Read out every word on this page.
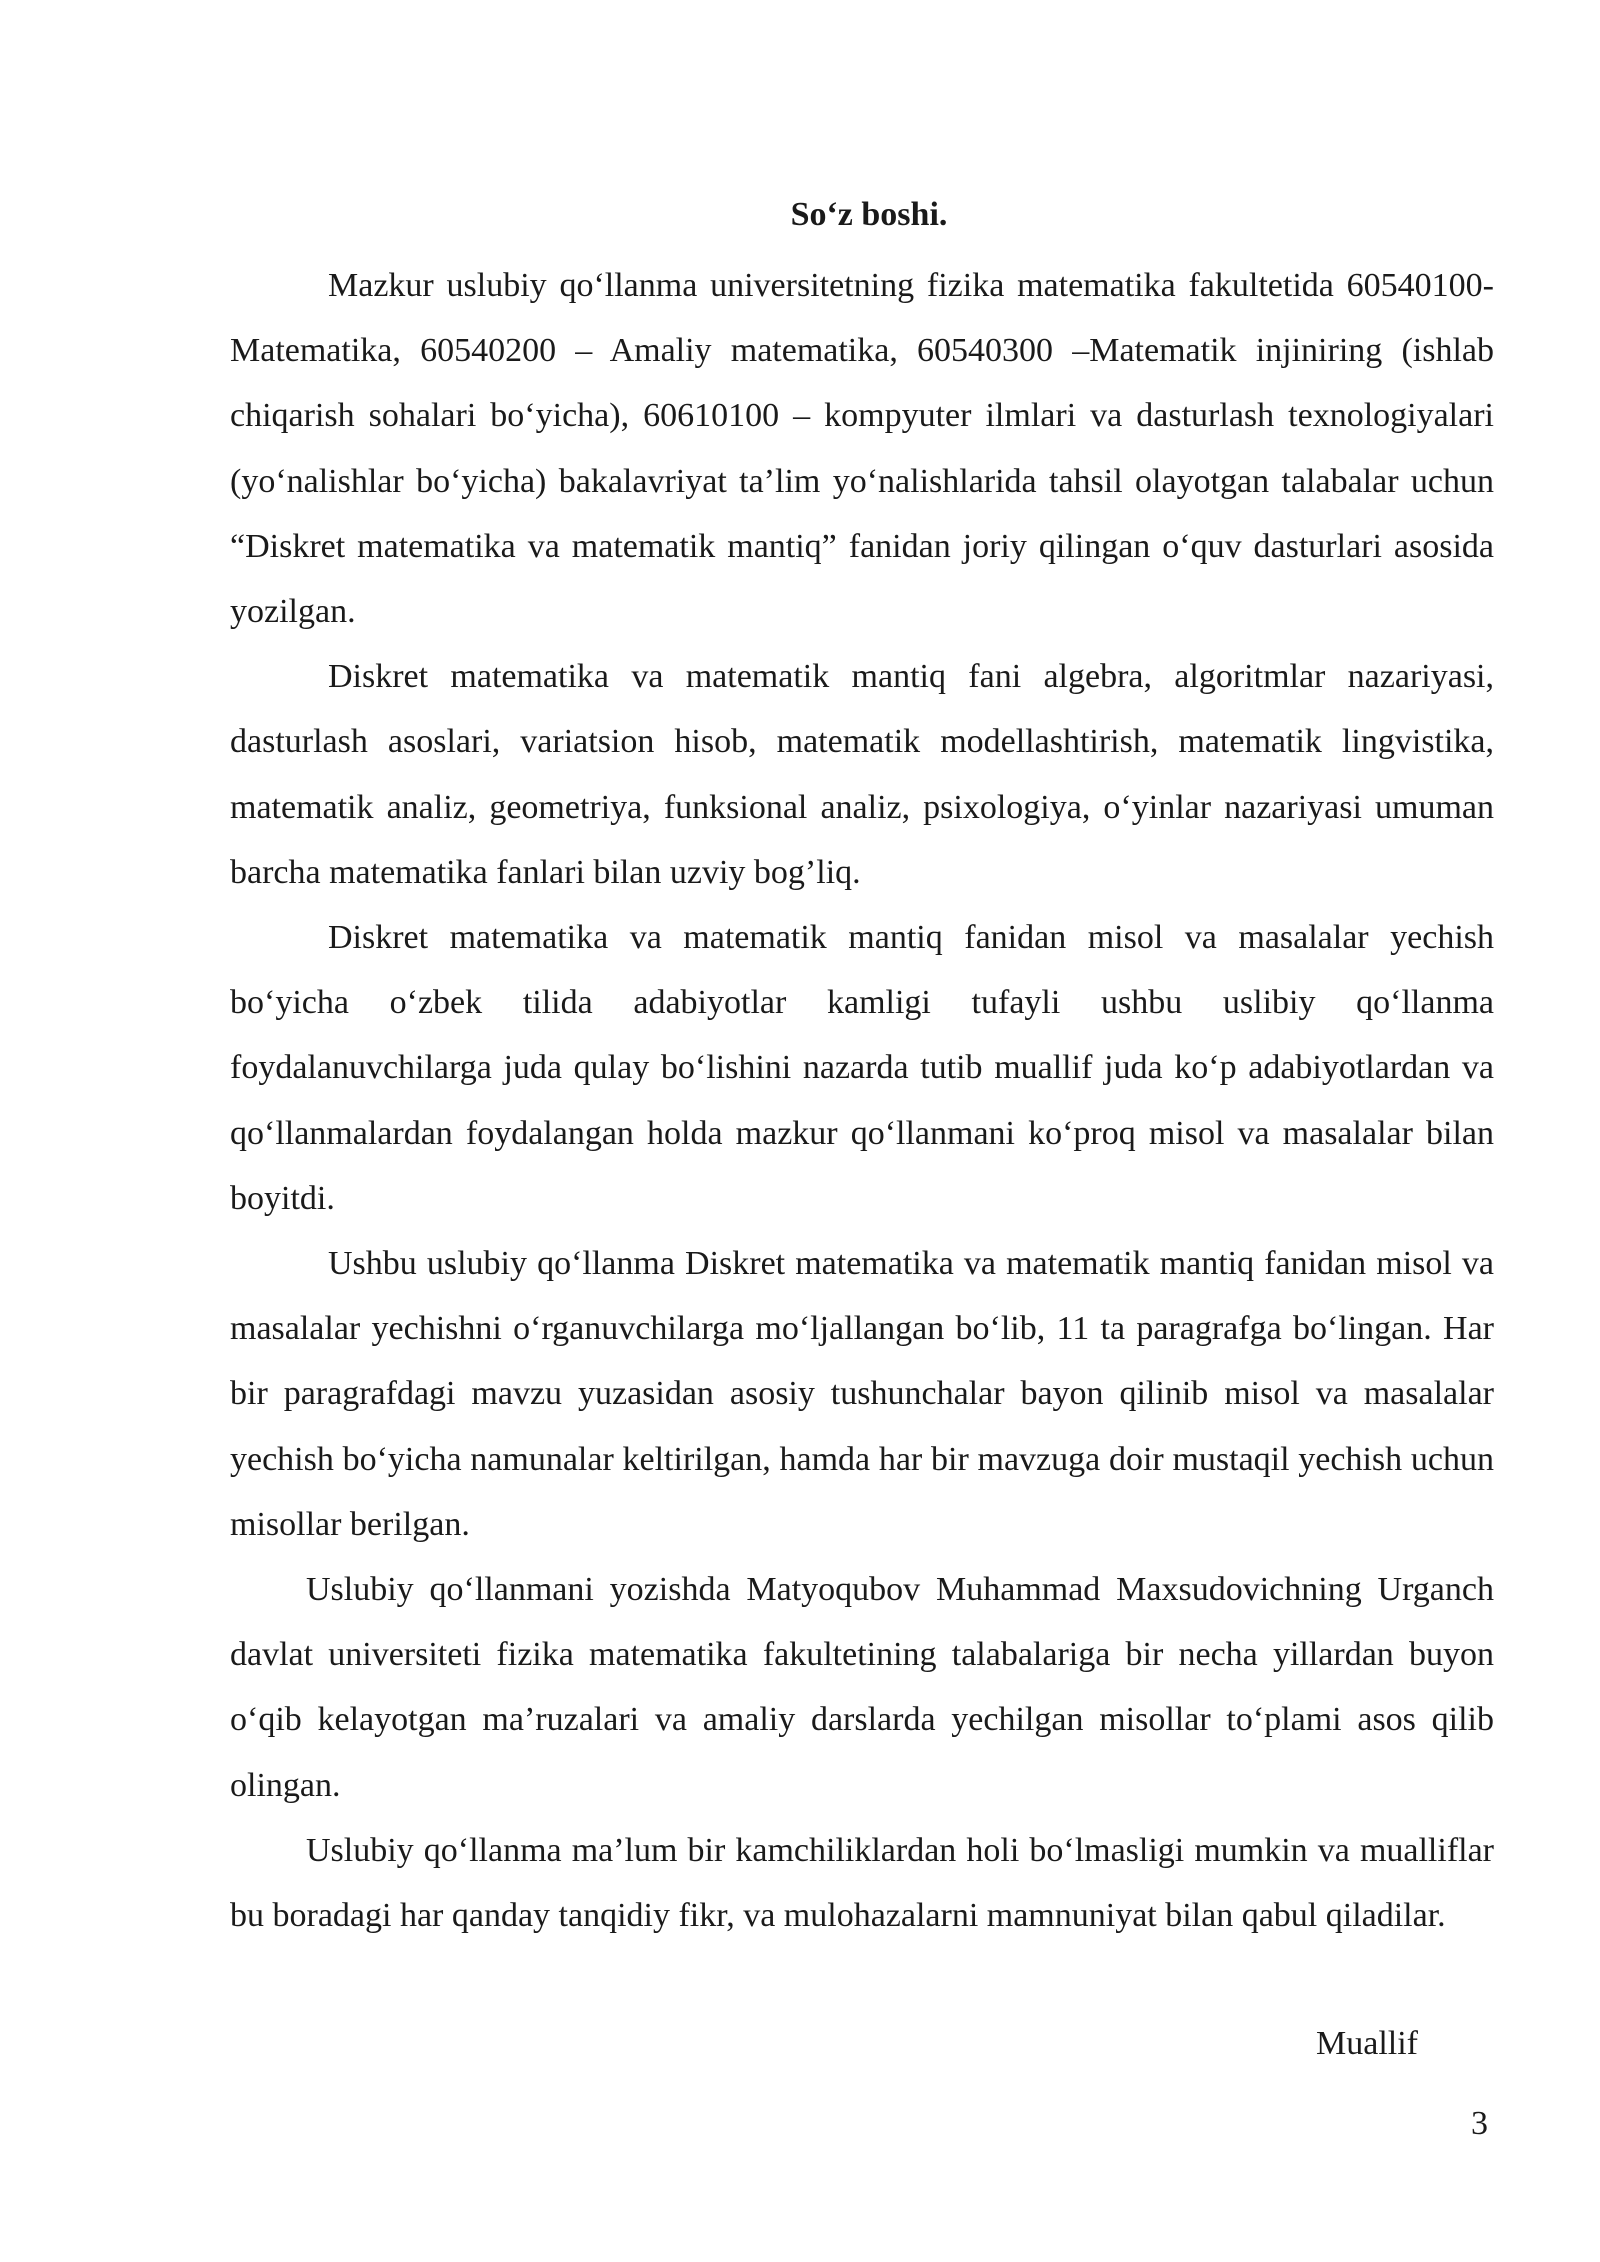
So‘z boshi.

Mazkur uslubiy qo‘llanma universitetning fizika matematika fakultetida 60540100-Matematika, 60540200 – Amaliy matematika, 60540300 –Matematik injiniring (ishlab chiqarish sohalari bo‘yicha), 60610100 – kompyuter ilmlari va dasturlash texnologiyalari (yo‘nalishlar bo‘yicha) bakalavriyat ta’lim yo‘nalishlarida tahsil olayotgan talabalar uchun “Diskret matematika va matematik mantiq” fanidan joriy qilingan o‘quv dasturlari asosida yozilgan.

Diskret matematika va matematik mantiq fani algebra, algoritmlar nazariyasi, dasturlash asoslari, variatsion hisob, matematik modellashtirish, matematik lingvistika, matematik analiz, geometriya, funksional analiz, psixologiya, o‘yinlar nazariyasi umuman barcha matematika fanlari bilan uzviy bog’liq.

Diskret matematika va matematik mantiq fanidan misol va masalalar yechish bo‘yicha o‘zbek tilida adabiyotlar kamligi tufayli ushbu uslibiy qo‘llanma foydalanuvchilarga juda qulay bo‘lishini nazarda tutib muallif juda ko‘p adabiyotlardan va qo‘llanmalardan foydalangan holda mazkur qo‘llanmani ko‘proq misol va masalalar bilan boyitdi.

Ushbu uslubiy qo‘llanma Diskret matematika va matematik mantiq fanidan misol va masalalar yechishni o‘rganuvchilarga mo‘ljallangan bo‘lib, 11 ta paragrafga bo‘lingan. Har bir paragrafdagi mavzu yuzasidan asosiy tushunchalar bayon qilinib misol va masalalar yechish bo‘yicha namunalar keltirilgan, hamda har bir mavzuga doir mustaqil yechish uchun misollar berilgan.

Uslubiy qo‘llanmani yozishda Matyoqubov Muhammad Maxsudovichning Urganch davlat universiteti fizika matematika fakultetining talabalariga bir necha yillardan buyon o‘qib kelayotgan ma’ruzalari va amaliy darslarda yechilgan misollar to‘plami asos qilib olingan.

Uslubiy qo‘llanma ma’lum bir kamchiliklardan holi bo‘lmasligi mumkin va mualliflar bu boradagi har qanday tanqidiy fikr, va mulohazalarni mamnuniyat bilan qabul qiladilar.

Muallif
3
